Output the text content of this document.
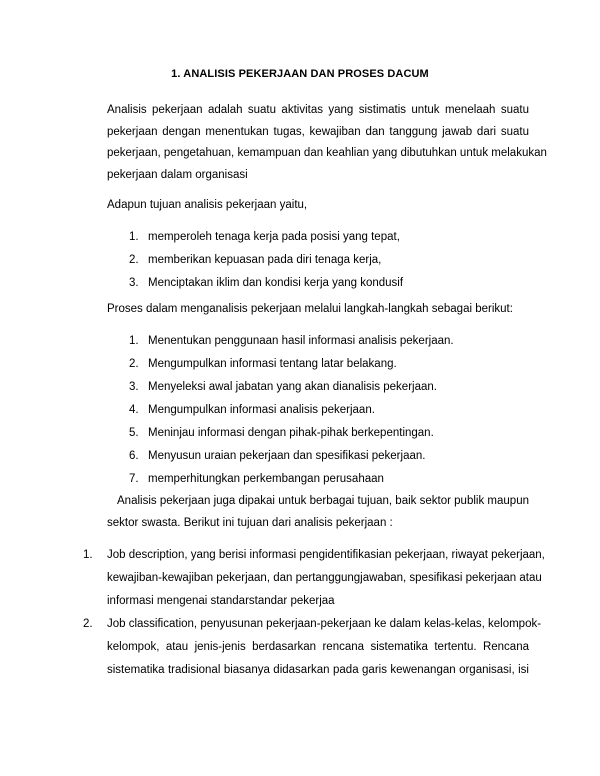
1. ANALISIS PEKERJAAN DAN PROSES DACUM
Analisis pekerjaan adalah suatu aktivitas yang sistimatis untuk menelaah suatu
pekerjaan dengan menentukan tugas, kewajiban dan tanggung jawab dari suatu
pekerjaan, pengetahuan, kemampuan dan keahlian yang dibutuhkan untuk melakukan
pekerjaan dalam organisasi
Adapun tujuan analisis pekerjaan yaitu,
1. memperoleh tenaga kerja pada posisi yang tepat,
2. memberikan kepuasan pada diri tenaga kerja,
3. Menciptakan iklim dan kondisi kerja yang kondusif
Proses dalam menganalisis pekerjaan melalui langkah-langkah sebagai berikut:
1. Menentukan penggunaan hasil informasi analisis pekerjaan.
2. Mengumpulkan informasi tentang latar belakang.
3. Menyeleksi awal jabatan yang akan dianalisis pekerjaan.
4. Mengumpulkan informasi analisis pekerjaan.
5. Meninjau informasi dengan pihak-pihak berkepentingan.
6. Menyusun uraian pekerjaan dan spesifikasi pekerjaan.
7. memperhitungkan perkembangan perusahaan
Analisis pekerjaan juga dipakai untuk berbagai tujuan, baik sektor publik maupun
sektor swasta. Berikut ini tujuan dari analisis pekerjaan :
1. Job description, yang berisi informasi pengidentifikasian pekerjaan, riwayat pekerjaan,
kewajiban-kewajiban pekerjaan, dan pertanggungjawaban, spesifikasi pekerjaan atau
informasi mengenai standarstandar pekerjaa
2. Job classification, penyusunan pekerjaan-pekerjaan ke dalam kelas-kelas, kelompok-
kelompok, atau jenis-jenis berdasarkan rencana sistematika tertentu. Rencana
sistematika tradisional biasanya didasarkan pada garis kewenangan organisasi, isi
